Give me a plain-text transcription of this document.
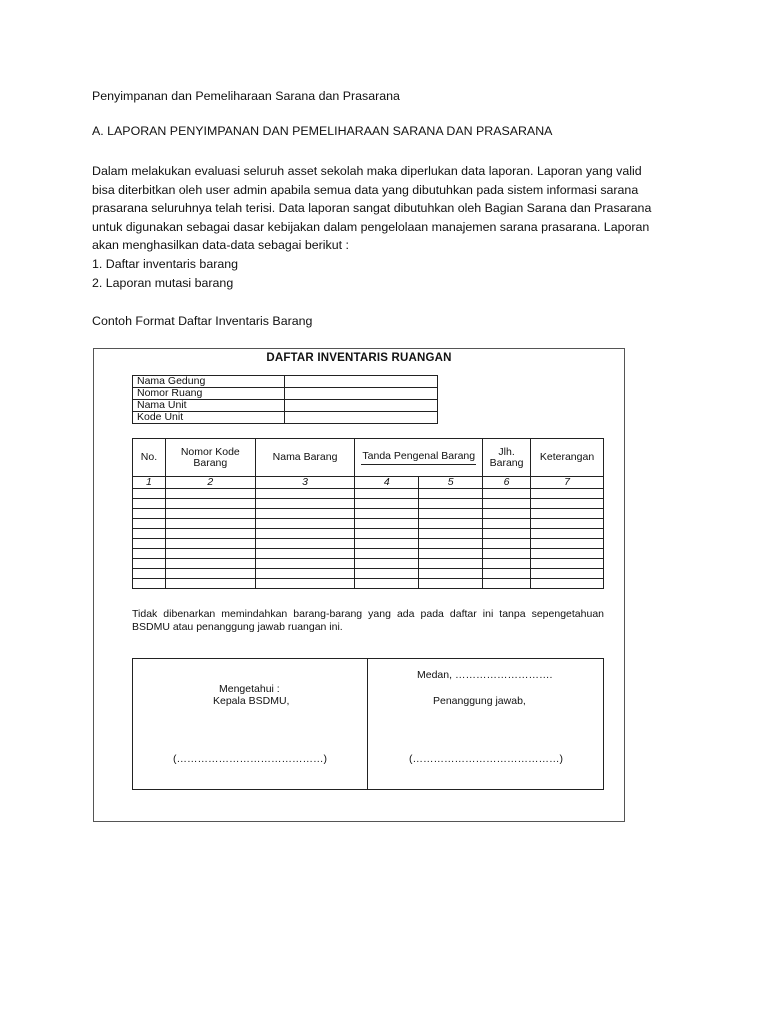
Penyimpanan dan Pemeliharaan Sarana dan Prasarana
A. LAPORAN PENYIMPANAN DAN PEMELIHARAAN SARANA DAN PRASARANA
Dalam melakukan evaluasi seluruh asset sekolah maka diperlukan data laporan. Laporan yang valid
bisa diterbitkan oleh user admin apabila semua data yang dibutuhkan pada sistem informasi sarana
prasarana seluruhnya telah terisi. Data laporan sangat dibutuhkan oleh Bagian Sarana dan Prasarana
untuk digunakan sebagai dasar kebijakan dalam pengelolaan manajemen sarana prasarana. Laporan
akan menghasilkan data-data sebagai berikut :
1. Daftar inventaris barang
2. Laporan mutasi barang
Contoh Format Daftar Inventaris Barang
DAFTAR INVENTARIS RUANGAN
Nama Gedung	
Nomor Ruang	
Nama Unit	
Kode Unit	
No.	Nomor Kode Barang	Nama Barang	Tanda Pengenal Barang		Jlh. Barang	Keterangan
1	2	3	4	5	6	7

Tidak dibenarkan memindahkan barang-barang yang ada pada daftar ini tanpa sepengetahuan BSDMU atau penanggung jawab ruangan ini.
Mengetahui :
Kepala BSDMU,
(……………………………………)
Medan, ……………………….
Penanggung jawab,
(……………………………………)
